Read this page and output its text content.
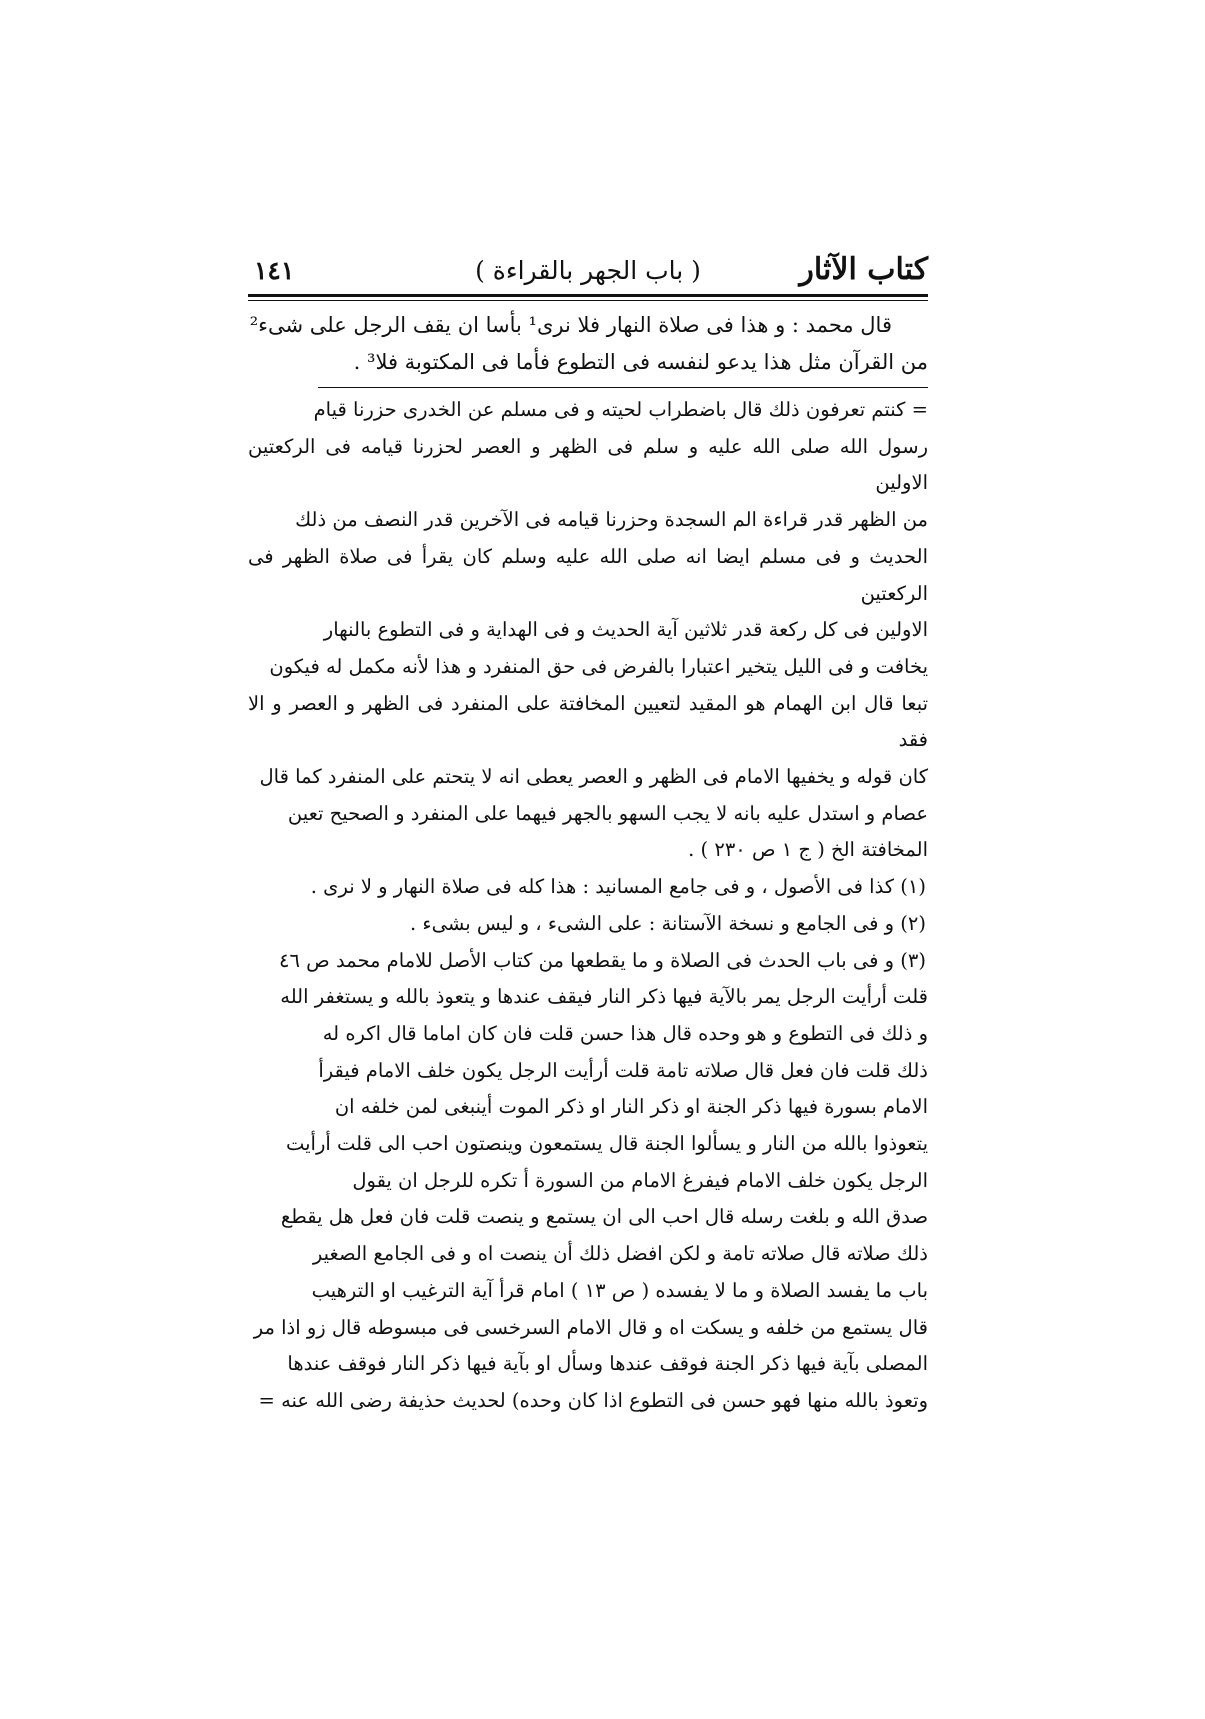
كتاب الآثار
( باب الجهر بالقراءة )
١٤١

قال محمد : و هذا فى صلاة النهار فلا نرى¹ بأسا ان يقف الرجل على شىء²

من القرآن مثل هذا يدعو لنفسه فى التطوع فأما فى المكتوبة فلا³ .

= كنتم تعرفون ذلك قال باضطراب لحيته و فى مسلم عن الخدرى حزرنا قيام

رسول الله صلى الله عليه و سلم فى الظهر و العصر لحزرنا قيامه فى الركعتين الاولين

من الظهر قدر قراءة الم السجدة وحزرنا قيامه فى الآخرين قدر النصف من ذلك

الحديث و فى مسلم ايضا انه صلى الله عليه وسلم كان يقرأ فى صلاة الظهر فى الركعتين

الاولين فى كل ركعة قدر ثلاثين آية الحديث و فى الهداية و فى التطوع بالنهار

يخافت و فى الليل يتخير اعتبارا بالفرض فى حق المنفرد و هذا لأنه مكمل له فيكون

تبعا قال ابن الهمام هو المقيد لتعيين المخافتة على المنفرد فى الظهر و العصر و الا فقد

كان قوله و يخفيها الامام فى الظهر و العصر يعطى انه لا يتحتم على المنفرد كما قال

عصام و استدل عليه بانه لا يجب السهو بالجهر فيهما على المنفرد و الصحيح تعين

المخافتة الخ ( ج ١ ص ٢٣٠ ) .

(١) كذا فى الأصول ، و فى جامع المسانيد : هذا كله فى صلاة النهار و لا نرى .

(٢) و فى الجامع و نسخة الآستانة : على الشىء ، و ليس بشىء .

(٣) و فى باب الحدث فى الصلاة و ما يقطعها من كتاب الأصل للامام محمد ص ٤٦

قلت أرأيت الرجل يمر بالآية فيها ذكر النار فيقف عندها و يتعوذ بالله و يستغفر الله

و ذلك فى التطوع و هو وحده قال هذا حسن قلت فان كان اماما قال اكره له

ذلك قلت فان فعل قال صلاته تامة قلت أرأيت الرجل يكون خلف الامام فيقرأ

الامام بسورة فيها ذكر الجنة او ذكر النار او ذكر الموت أينبغى لمن خلفه ان

يتعوذوا بالله من النار و يسألوا الجنة قال يستمعون وينصتون احب الى قلت أرأيت

الرجل يكون خلف الامام فيفرغ الامام من السورة أ تكره للرجل ان يقول

صدق الله و بلغت رسله قال احب الى ان يستمع و ينصت قلت فان فعل هل يقطع

ذلك صلاته قال صلاته تامة و لكن افضل ذلك أن ينصت اه و فى الجامع الصغير

باب ما يفسد الصلاة و ما لا يفسده ( ص ١٣ ) امام قرأ آية الترغيب او الترهيب

قال يستمع من خلفه و يسكت اه و قال الامام السرخسى فى مبسوطه قال زو اذا مر

المصلى بآية فيها ذكر الجنة فوقف عندها وسأل او بآية فيها ذكر النار فوقف عندها

وتعوذ بالله منها فهو حسن فى التطوع اذا كان وحده) لحديث حذيفة رضى الله عنه =
